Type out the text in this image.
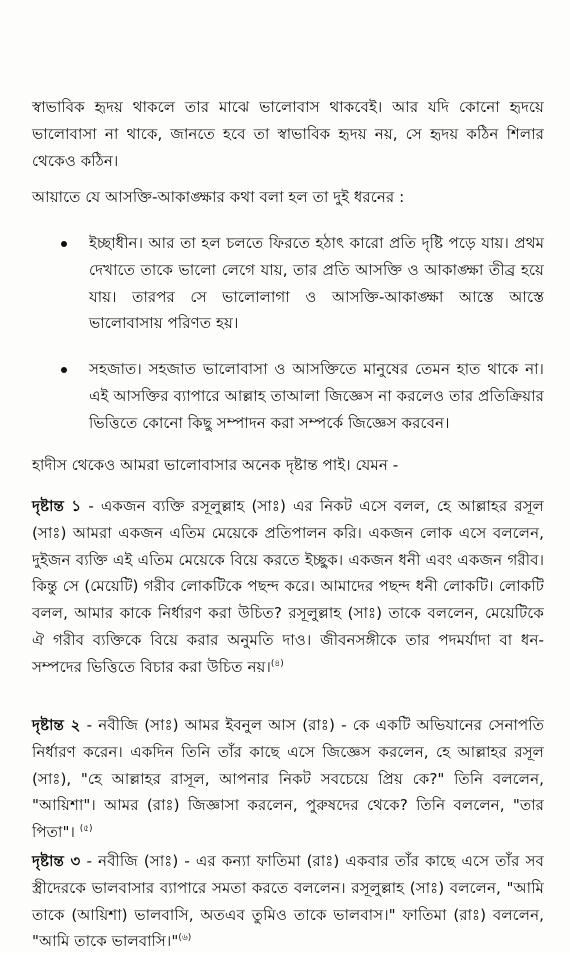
স্বাভাবিক হৃদয় থাকলে তার মাঝে ভালোবাস থাকবেই। আর যদি কোনো হৃদয়ে ভালোবাসা না থাকে, জানতে হবে তা স্বাভাবিক হৃদয় নয়, সে হৃদয় কঠিন শিলার থেকেও কঠিন।

আয়াতে যে আসক্তি-আকাঙ্ক্ষার কথা বলা হল তা দুই ধরনের :

ইচ্ছাধীন। আর তা হল চলতে ফিরতে হঠাৎ কারো প্রতি দৃষ্টি পড়ে যায়। প্রথম দেখাতে তাকে ভালো লেগে যায়, তার প্রতি আসক্তি ও আকাঙ্ক্ষা তীব্র হয়ে যায়। তারপর সে ভালোলাগা ও আসক্তি-আকাঙ্ক্ষা আস্তে আস্তে ভালোবাসায় পরিণত হয়।
সহজাত। সহজাত ভালোবাসা ও আসক্তিতে মানুষের তেমন হাত থাকে না। এই আসক্তির ব্যাপারে আল্লাহ তাআলা জিজ্ঞেস না করলেও তার প্রতিক্রিয়ার ভিত্তিতে কোনো কিছু সম্পাদন করা সম্পর্কে জিজ্ঞেস করবেন।

হাদীস থেকেও আমরা ভালোবাসার অনেক দৃষ্টান্ত পাই। যেমন -

দৃষ্টান্ত ১ - একজন ব্যক্তি রসূলুল্লাহ (সাঃ) এর নিকট এসে বলল, হে আল্লাহর রসূল (সাঃ) আমরা একজন এতিম মেয়েকে প্রতিপালন করি। একজন লোক এসে বললেন, দুইজন ব্যক্তি এই এতিম মেয়েকে বিয়ে করতে ইচ্ছুক। একজন ধনী এবং একজন গরীব। কিন্তু সে (মেয়েটি) গরীব লোকটিকে পছন্দ করে। আমাদের পছন্দ ধনী লোকটি। লোকটি বলল, আমার কাকে নির্ধারণ করা উচিত? রসূলুল্লাহ (সাঃ) তাকে বললেন, মেয়েটিকে ঐ গরীব ব্যক্তিকে বিয়ে করার অনুমতি দাও। জীবনসঙ্গীকে তার পদমর্যাদা বা ধন-সম্পদের ভিত্তিতে বিচার করা উচিত নয়।$^{(৪)}$

দৃষ্টান্ত ২ - নবীজি (সাঃ) আমর ইবনুল আস (রাঃ) - কে একটি অভিযানের সেনাপতি নির্ধারণ করেন। একদিন তিনি তাঁর কাছে এসে জিজ্ঞেস করলেন, হে আল্লাহর রসূল (সাঃ), "হে আল্লাহর রাসূল, আপনার নিকট সবচেয়ে প্রিয় কে?" তিনি বললেন, "আয়িশা"। আমর (রাঃ) জিজ্ঞাসা করলেন, পুরুষদের থেকে? তিনি বললেন, "তার পিতা"। $^{(৫)}$

দৃষ্টান্ত ৩ - নবীজি (সাঃ) - এর কন্যা ফাতিমা (রাঃ) একবার তাঁর কাছে এসে তাঁর সব স্ত্রীদেরকে ভালবাসার ব্যাপারে সমতা করতে বললেন। রসূলুল্লাহ (সাঃ) বললেন, "আমি তাকে (আয়িশা) ভালবাসি, অতএব তুমিও তাকে ভালবাস।" ফাতিমা (রাঃ) বললেন, "আমি তাকে ভালবাসি।"$^{(৬)}$
